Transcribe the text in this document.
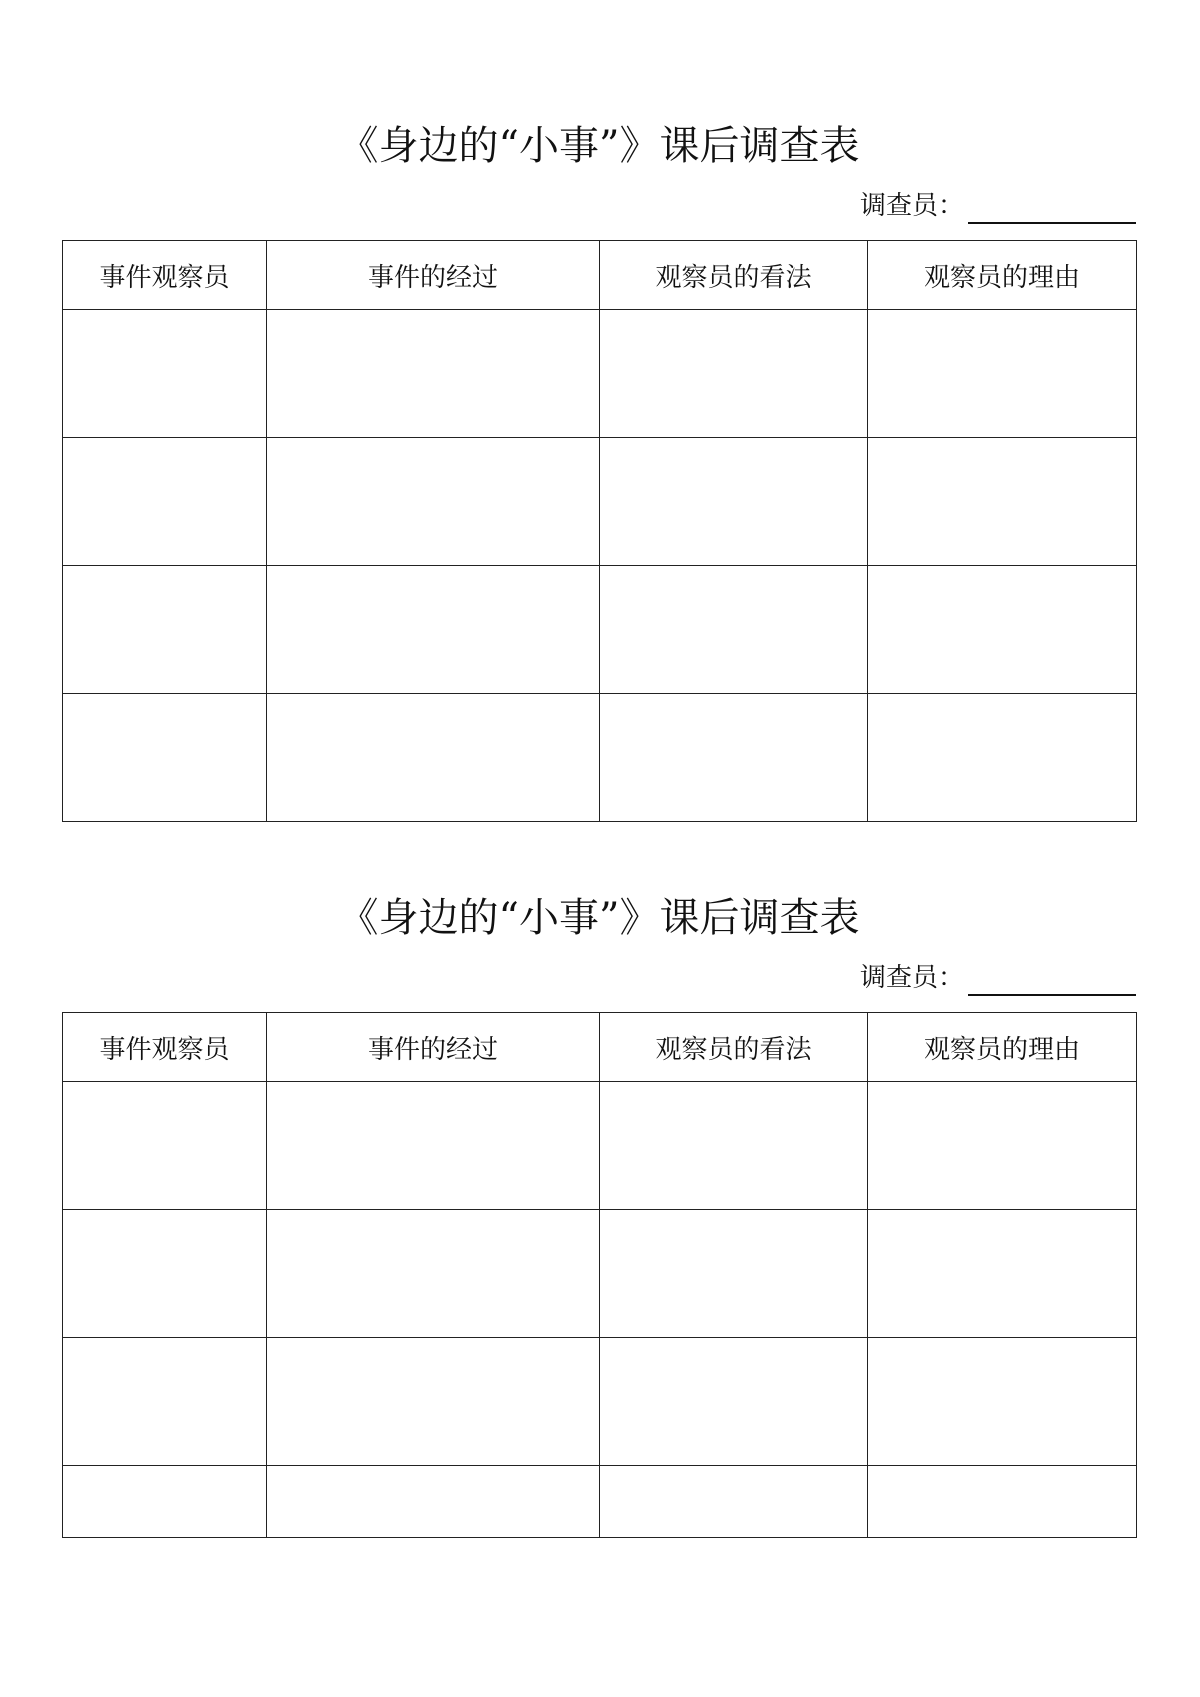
《身边的“小事”》课后调查表
调查员：
事件观察员	事件的经过	观察员的看法	观察员的理由

《身边的“小事”》课后调查表
调查员：
事件观察员	事件的经过	观察员的看法	观察员的理由
